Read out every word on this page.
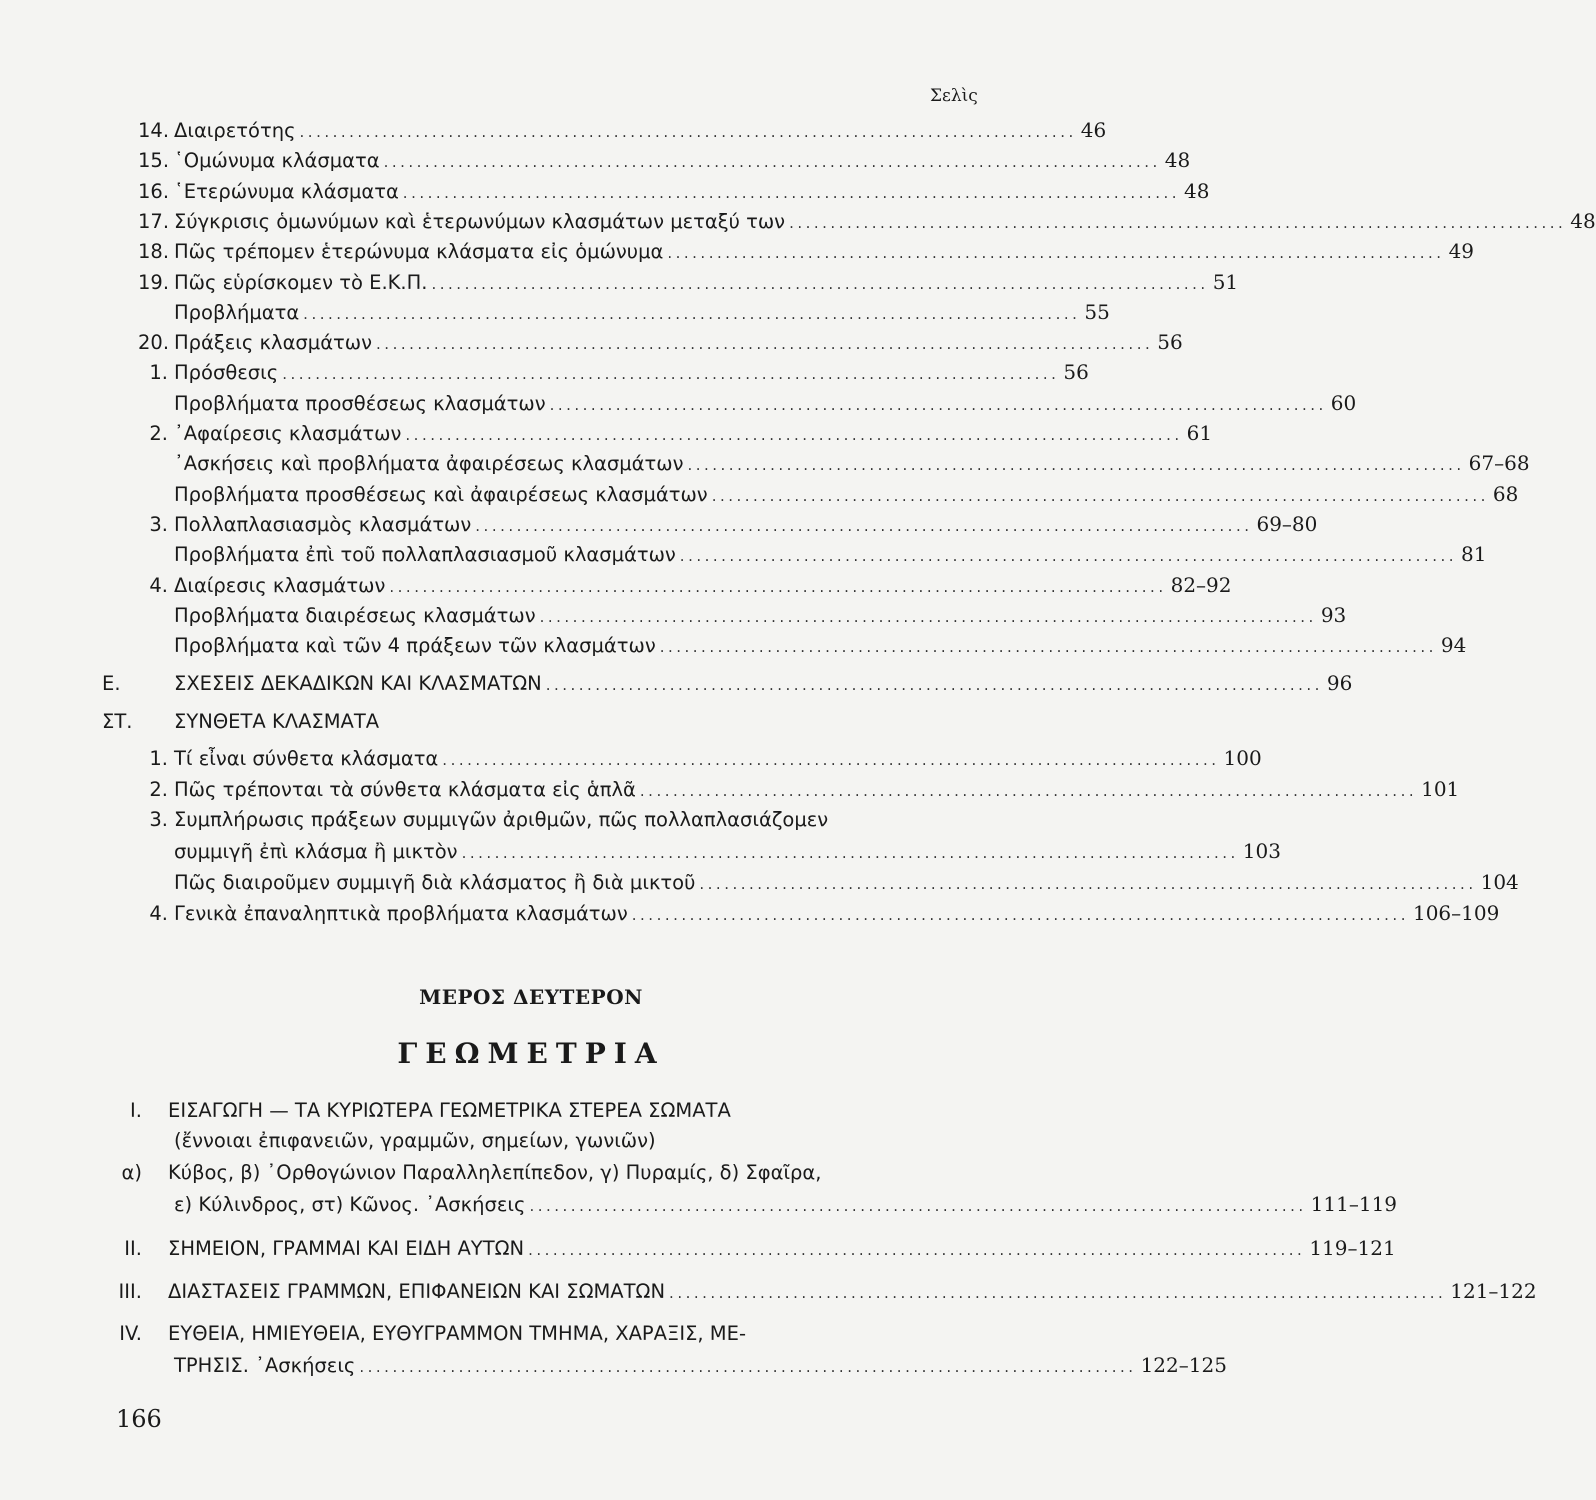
Σελὶς
14. Διαιρετότης .............................................................................................. 46
15. ῾Ομώνυμα κλάσματα .............................................................................................. 48
16. ῾Ετερώνυμα κλάσματα .............................................................................................. 48
17. Σύγκρισις ὁμωνύμων καὶ ἑτερωνύμων κλασμάτων μεταξύ των .............................................................................................. 48
18. Πῶς τρέπομεν ἑτερώνυμα κλάσματα εἰς ὁμώνυμα .............................................................................................. 49
19. Πῶς εὑρίσκομεν τὸ Ε.Κ.Π. .............................................................................................. 51
Προβλήματα .............................................................................................. 55
20. Πράξεις κλασμάτων .............................................................................................. 56
1. Πρόσθεσις .............................................................................................. 56
Προβλήματα προσθέσεως κλασμάτων .............................................................................................. 60
2. ᾿Αφαίρεσις κλασμάτων .............................................................................................. 61
᾿Ασκήσεις καὶ προβλήματα ἀφαιρέσεως κλασμάτων .............................................................................................. 67–68
Προβλήματα προσθέσεως καὶ ἀφαιρέσεως κλασμάτων .............................................................................................. 68
3. Πολλαπλασιασμὸς κλασμάτων .............................................................................................. 69–80
Προβλήματα ἐπὶ τοῦ πολλαπλασιασμοῦ κλασμάτων .............................................................................................. 81
4. Διαίρεσις κλασμάτων .............................................................................................. 82–92
Προβλήματα διαιρέσεως κλασμάτων .............................................................................................. 93
Προβλήματα καὶ τῶν 4 πράξεων τῶν κλασμάτων .............................................................................................. 94
Ε.	ΣΧΕΣΕΙΣ ΔΕΚΑΔΙΚΩΝ ΚΑΙ ΚΛΑΣΜΑΤΩΝ .............................................................................................. 96
ΣΤ.	ΣΥΝΘΕΤΑ ΚΛΑΣΜΑΤΑ
1. Τί εἶναι σύνθετα κλάσματα .............................................................................................. 100
2. Πῶς τρέπονται τὰ σύνθετα κλάσματα εἰς ἁπλᾶ .............................................................................................. 101
3. Συμπλήρωσις πράξεων συμμιγῶν ἀριθμῶν, πῶς πολλαπλασιάζομεν
συμμιγῆ ἐπὶ κλάσμα ἢ μικτὸν .............................................................................................. 103
Πῶς διαιροῦμεν συμμιγῆ διὰ κλάσματος ἢ διὰ μικτοῦ .............................................................................................. 104
4. Γενικὰ ἐπαναληπτικὰ προβλήματα κλασμάτων .............................................................................................. 106–109
ΜΕΡΟΣ ΔΕΥΤΕΡΟΝ
ΓΕΩΜΕΤΡΙΑ
Ι.	ΕΙΣΑΓΩΓΗ — ΤΑ ΚΥΡΙΩΤΕΡΑ ΓΕΩΜΕΤΡΙΚΑ ΣΤΕΡΕΑ ΣΩΜΑΤΑ
(ἔννοιαι ἐπιφανειῶν, γραμμῶν, σημείων, γωνιῶν)
α)	Κύβος, β) ᾿Ορθογώνιον Παραλληλεπίπεδον, γ) Πυραμίς, δ) Σφαῖρα,
ε) Κύλινδρος, στ) Κῶνος. ᾿Ασκήσεις .............................................................................................. 111–119
II.	ΣΗΜΕΙΟΝ, ΓΡΑΜΜΑΙ ΚΑΙ ΕΙΔΗ ΑΥΤΩΝ .............................................................................................. 119–121
III.	ΔΙΑΣΤΑΣΕΙΣ ΓΡΑΜΜΩΝ, ΕΠΙΦΑΝΕΙΩΝ ΚΑΙ ΣΩΜΑΤΩΝ .............................................................................................. 121–122
IV.	ΕΥΘΕΙΑ, ΗΜΙΕΥΘΕΙΑ, ΕΥΘΥΓΡΑΜΜΟΝ ΤΜΗΜΑ, ΧΑΡΑΞΙΣ, ΜΕ-
ΤΡΗΣΙΣ. ᾿Ασκήσεις .............................................................................................. 122–125
166
